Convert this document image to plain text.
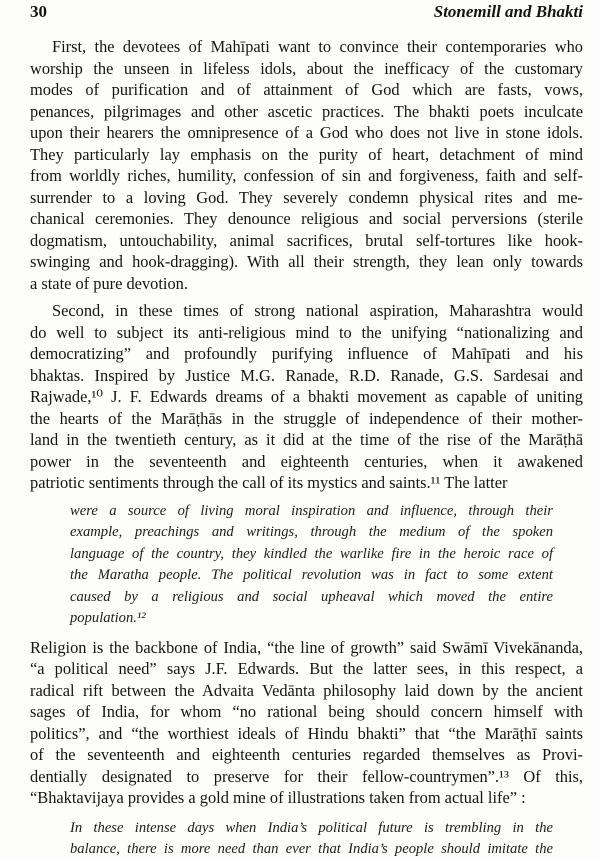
30	Stonemill and Bhakti

First, the devotees of Mahīpati want to convince their contemporaries who
worship the unseen in lifeless idols, about the inefficacy of the customary
modes of purification and of attainment of God which are fasts, vows,
penances, pilgrimages and other ascetic practices. The bhakti poets inculcate
upon their hearers the omnipresence of a God who does not live in stone idols.
They particularly lay emphasis on the purity of heart, detachment of mind
from worldly riches, humility, confession of sin and forgiveness, faith and self-
surrender to a loving God. They severely condemn physical rites and me-
chanical ceremonies. They denounce religious and social perversions (sterile
dogmatism, untouchability, animal sacrifices, brutal self-tortures like hook-
swinging and hook-dragging). With all their strength, they lean only towards
a state of pure devotion.

Second, in these times of strong national aspiration, Maharashtra would
do well to subject its anti-religious mind to the unifying “nationalizing and
democratizing” and profoundly purifying influence of Mahīpati and his
bhaktas. Inspired by Justice M.G. Ranade, R.D. Ranade, G.S. Sardesai and
Rajwade,¹⁰ J. F. Edwards dreams of a bhakti movement as capable of uniting
the hearts of the Marāṭhās in the struggle of independence of their mother-
land in the twentieth century, as it did at the time of the rise of the Marāṭhā
power in the seventeenth and eighteenth centuries, when it awakened
patriotic sentiments through the call of its mystics and saints.¹¹ The latter

were a source of living moral inspiration and influence, through their
example, preachings and writings, through the medium of the spoken
language of the country, they kindled the warlike fire in the heroic race of
the Maratha people. The political revolution was in fact to some extent
caused by a religious and social upheaval which moved the entire
population.¹²

Religion is the backbone of India, “the line of growth” said Swāmī Vivekānanda,
“a political need” says J.F. Edwards. But the latter sees, in this respect, a
radical rift between the Advaita Vedānta philosophy laid down by the ancient
sages of India, for whom “no rational being should concern himself with
politics”, and “the worthiest ideals of Hindu bhakti” that “the Marāṭhī saints
of the seventeenth and eighteenth centuries regarded themselves as Provi-
dentially designated to preserve for their fellow-countrymen”.¹³ Of this,
“Bhaktavijaya provides a gold mine of illustrations taken from actual life” :

In these intense days when India’s political future is trembling in the
balance, there is more need than ever that India’s people should imitate the
